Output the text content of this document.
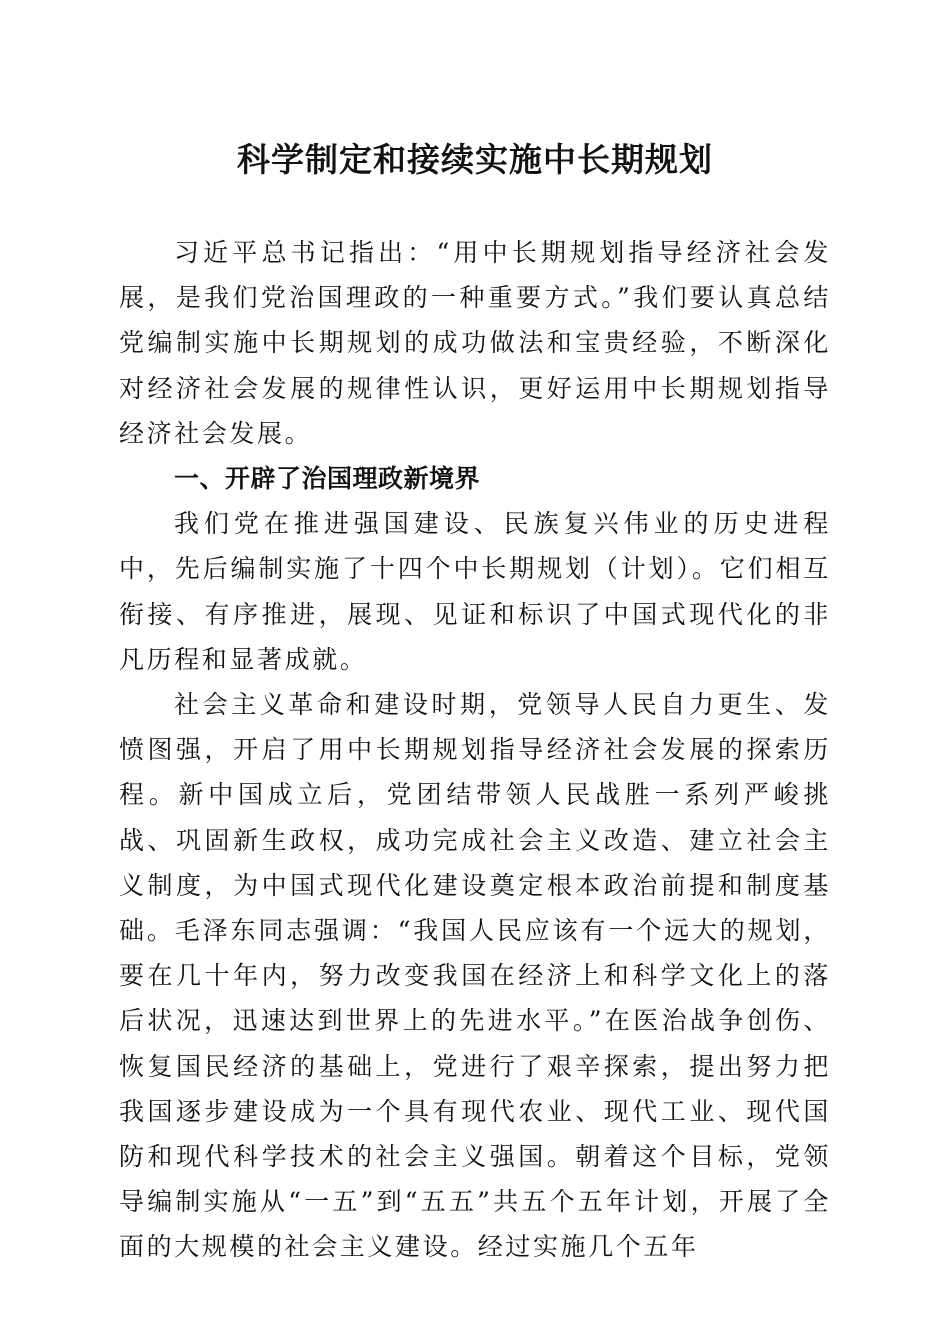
科学制定和接续实施中长期规划

习近平总书记指出：“用中长期规划指导经济社会发展，是我们党治国理政的一种重要方式。”我们要认真总结党编制实施中长期规划的成功做法和宝贵经验，不断深化对经济社会发展的规律性认识，更好运用中长期规划指导经济社会发展。

一、开辟了治国理政新境界

我们党在推进强国建设、民族复兴伟业的历史进程中，先后编制实施了十四个中长期规划（计划）。它们相互衔接、有序推进，展现、见证和标识了中国式现代化的非凡历程和显著成就。

社会主义革命和建设时期，党领导人民自力更生、发愤图强，开启了用中长期规划指导经济社会发展的探索历程。新中国成立后，党团结带领人民战胜一系列严峻挑战、巩固新生政权，成功完成社会主义改造、建立社会主义制度，为中国式现代化建设奠定根本政治前提和制度基础。毛泽东同志强调：“我国人民应该有一个远大的规划，要在几十年内，努力改变我国在经济上和科学文化上的落后状况，迅速达到世界上的先进水平。”在医治战争创伤、恢复国民经济的基础上，党进行了艰辛探索，提出努力把我国逐步建设成为一个具有现代农业、现代工业、现代国防和现代科学技术的社会主义强国。朝着这个目标，党领导编制实施从“一五”到“五五”共五个五年计划，开展了全面的大规模的社会主义建设。经过实施几个五年
